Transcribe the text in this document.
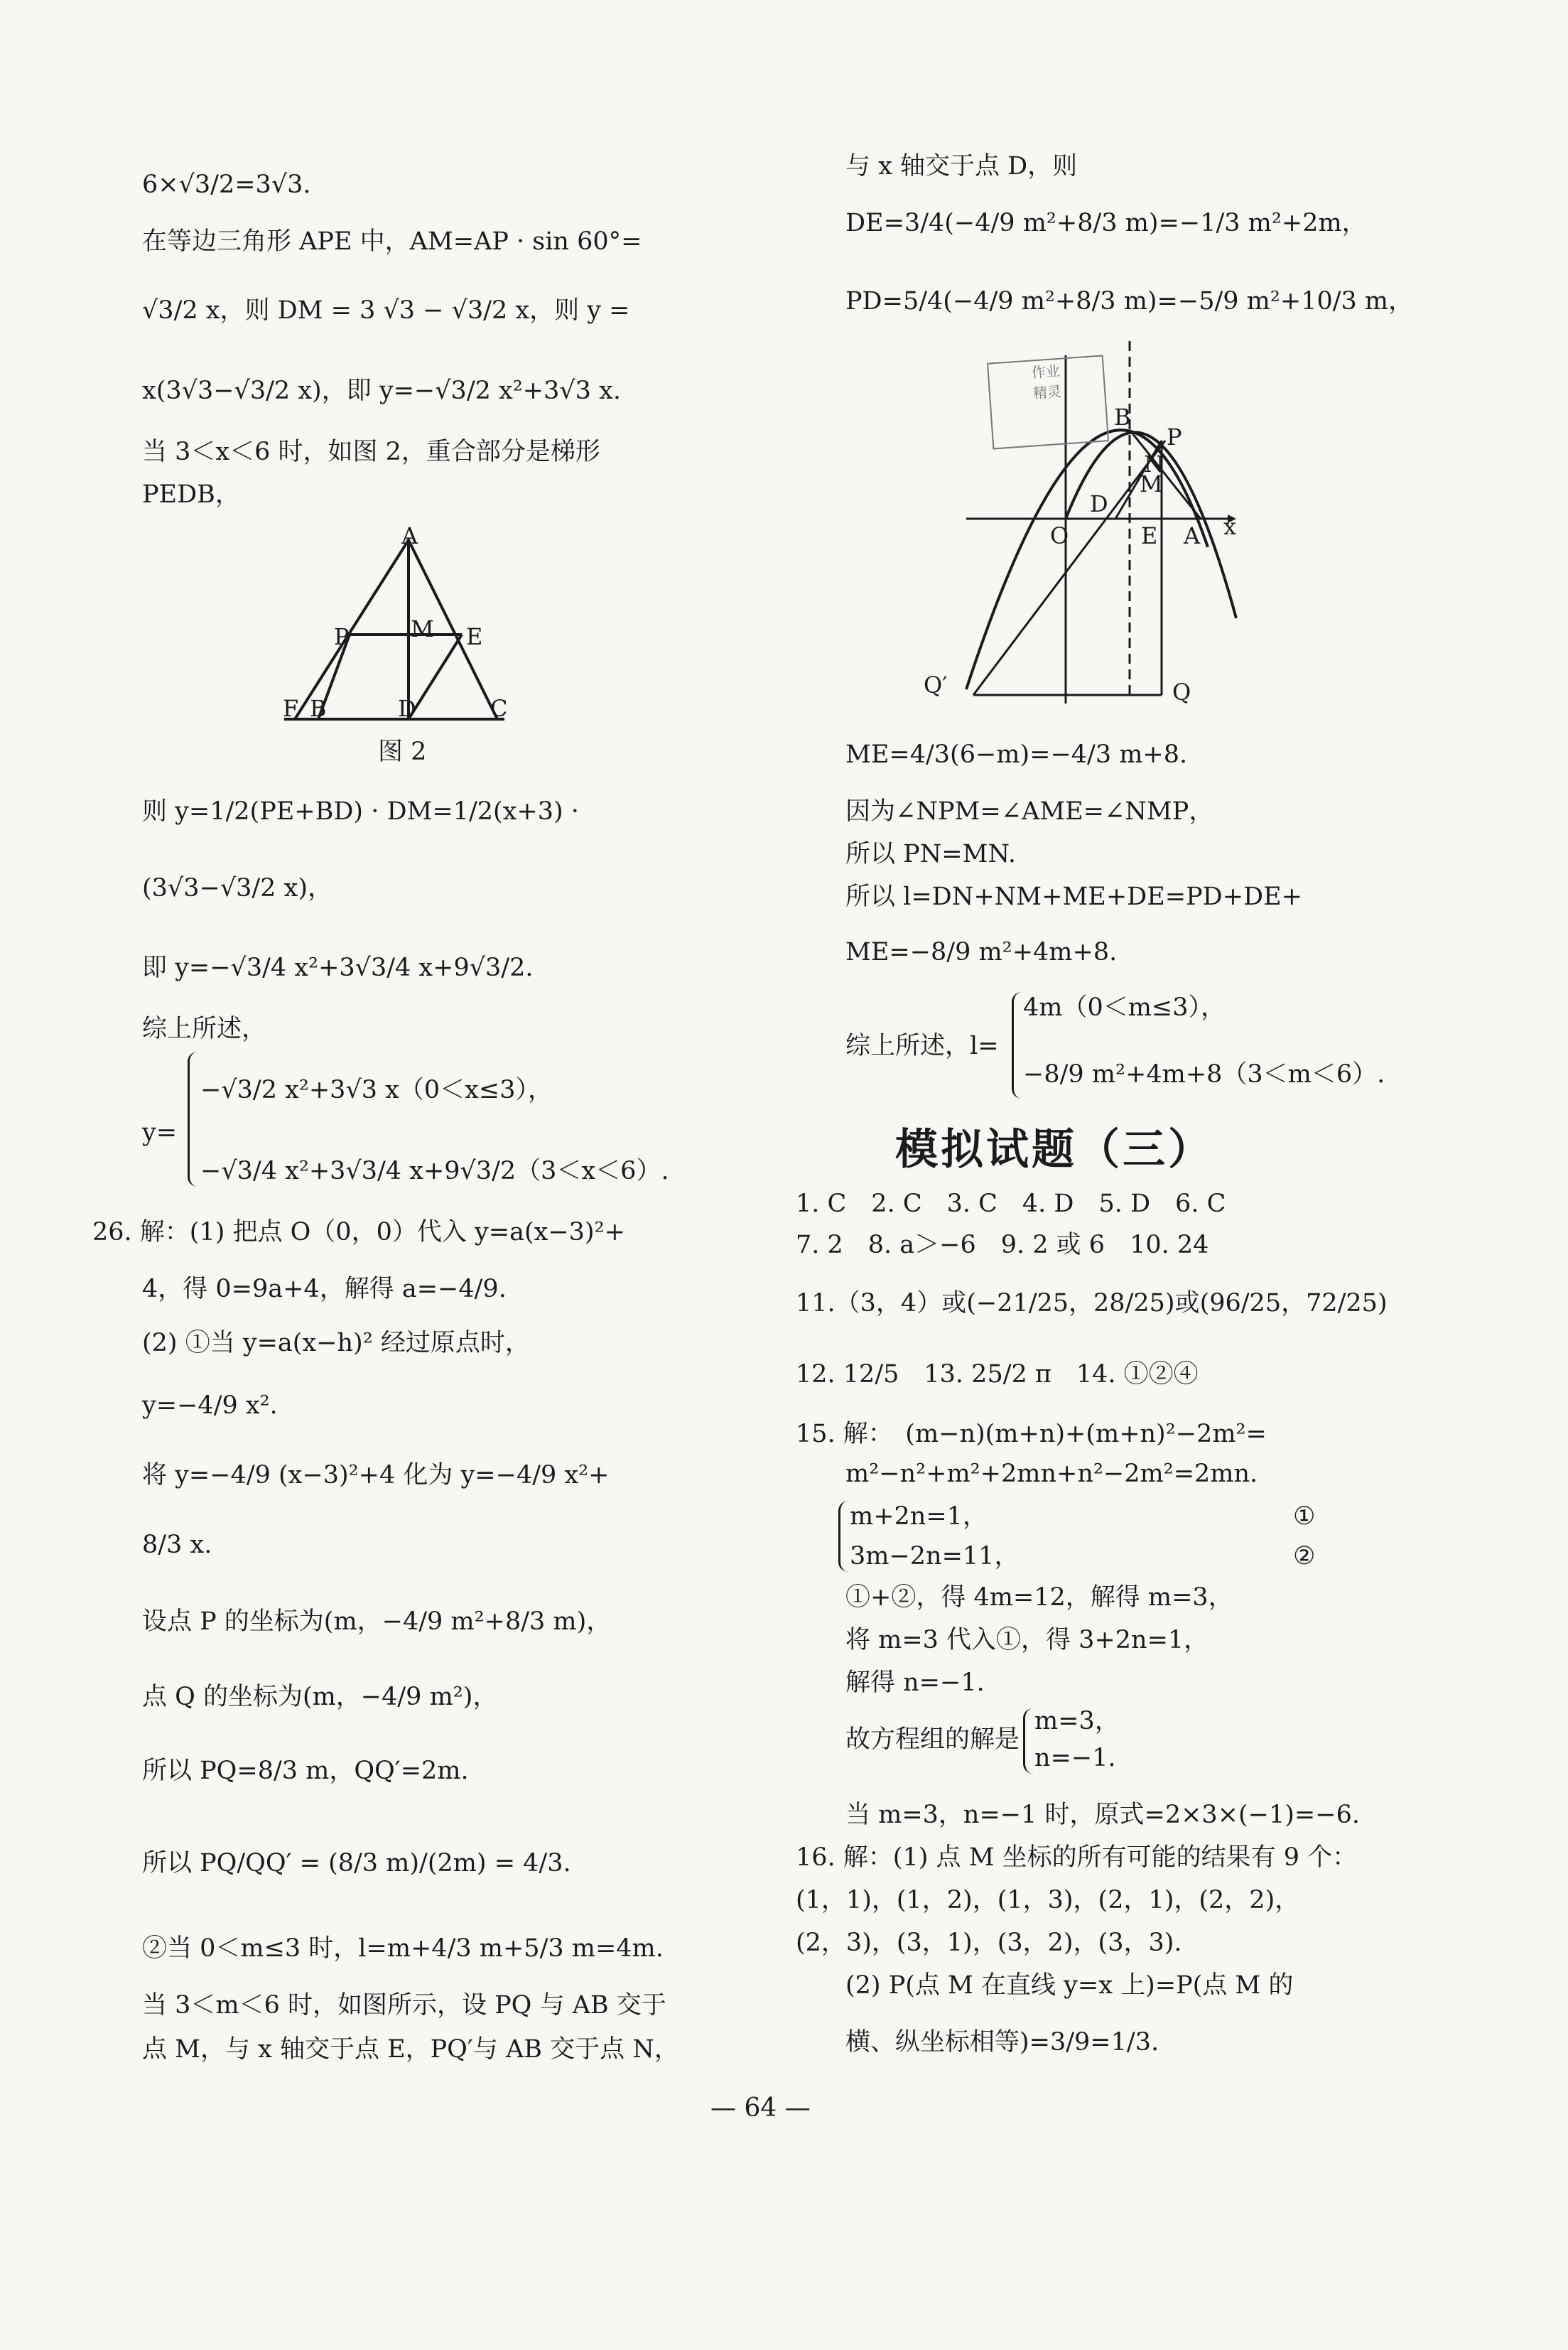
6×√3/2=3√3.
在等边三角形 APE 中，AM=AP · sin 60°=
√3/2 x，则 DM = 3 √3 − √3/2 x，则 y =
x(3√3−√3/2 x)，即 y=−√3/2 x²+3√3 x.
当 3＜x＜6 时，如图 2，重合部分是梯形
PEDB，
A
P	M E
F B	D	C
图 2
则 y=1/2(PE+BD) · DM=1/2(x+3) ·
(3√3−√3/2 x)，
即 y=−√3/4 x²+3√3/4 x+9√3/2.
综上所述，
y=
−√3/2 x²+3√3 x（0＜x≤3），
−√3/4 x²+3√3/4 x+9√3/2（3＜x＜6）.
26. 解：(1) 把点 O（0，0）代入 y=a(x−3)²+
4，得 0=9a+4，解得 a=−4/9.
(2) ①当 y=a(x−h)² 经过原点时，
y=−4/9 x².
将 y=−4/9 (x−3)²+4 化为 y=−4/9 x²+
8/3 x.
设点 P 的坐标为(m，−4/9 m²+8/3 m)，
点 Q 的坐标为(m，−4/9 m²)，
所以 PQ=8/3 m，QQ′=2m.
所以 PQ/QQ′ = (8/3 m)/(2m) = 4/3.
②当 0＜m≤3 时，l=m+4/3 m+5/3 m=4m.
当 3＜m＜6 时，如图所示，设 PQ 与 AB 交于
点 M，与 x 轴交于点 E，PQ′与 AB 交于点 N，
与 x 轴交于点 D，则
DE=3/4(−4/9 m²+8/3 m)=−1/3 m²+2m，
PD=5/4(−4/9 m²+8/3 m)=−5/9 m²+10/3 m，
作业
精灵
B
P
N
M
O
D
E A x
Q′	Q
ME=4/3(6−m)=−4/3 m+8.
因为∠NPM=∠AME=∠NMP，
所以 PN=MN.
所以 l=DN+NM+ME+DE=PD+DE+
ME=−8/9 m²+4m+8.
综上所述，l=
4m（0＜m≤3），
−8/9 m²+4m+8（3＜m＜6）.
模拟试题（三）
1. C　2. C　3. C　4. D　5. D　6. C
7. 2　8. a＞−6　9. 2 或 6　10. 24
11.（3，4）或(−21/25，28/25)或(96/25，72/25)
12. 12/5　13. 25/2 π　14. ①②④
15. 解：　(m−n)(m+n)+(m+n)²−2m²=
m²−n²+m²+2mn+n²−2m²=2mn.
m+2n=1，
3m−2n=11，
①
②
①+②，得 4m=12，解得 m=3，
将 m=3 代入①，得 3+2n=1，
解得 n=−1.
故方程组的解是
m=3，
n=−1.
当 m=3，n=−1 时，原式=2×3×(−1)=−6.
16. 解：(1) 点 M 坐标的所有可能的结果有 9 个：
(1，1)，(1，2)，(1，3)，(2，1)，(2，2)，
(2，3)，(3，1)，(3，2)，(3，3).
(2) P(点 M 在直线 y=x 上)=P(点 M 的
横、纵坐标相等)=3/9=1/3.
— 64 —
